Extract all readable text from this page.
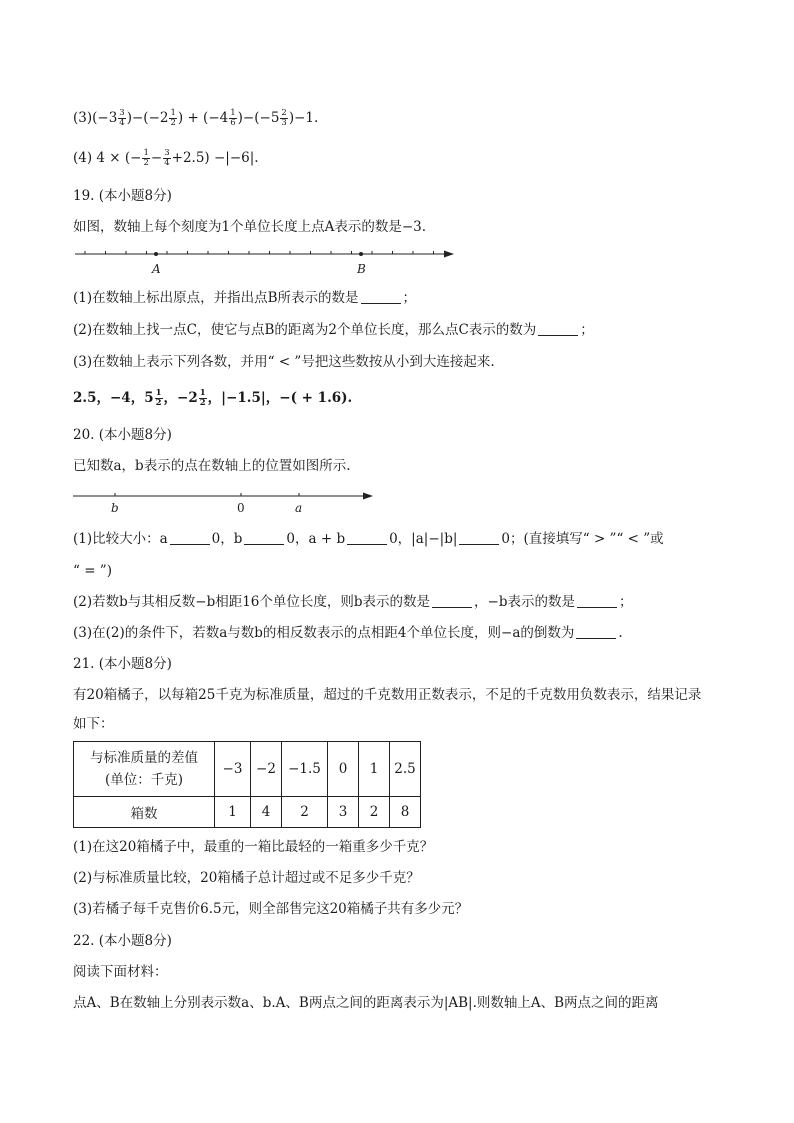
$(3)(-3 \frac{3}{4} )-(-2 \frac{1}{2}$ ) + $(-4 \frac{1}{6} )-(-5 \frac{2}{3} )-1$.
(4) 4 × (− $\frac{1}{2} - \frac{3}{4} +2.5) -|-6|$.
19. (本小题8分)
如图，数轴上每个刻度为1个单位长度上点A表示的数是−3.
A	B
(1)在数轴上标出原点，并指出点B所表示的数是	；
(2)在数轴上找一点C，使它与点B的距离为2个单位长度，那么点C表示的数为	；
(3)在数轴上表示下列各数，并用“ < ”号把这些数按从小到大连接起来.
2.5，−4，$5 \frac{1}{2}$ ，$-2 \frac{1}{2}$ ，|−1.5|，−( + 1.6).
20. (本小题8分)
已知数a，b表示的点在数轴上的位置如图所示.
b	0	a
(1)比较大小：a	0，b	0，a + b	0，|a|−|b|	0；(直接填写“ > ”“ < ”或
“ = ”)
(2)若数b与其相反数−b相距16个单位长度，则b表示的数是	，−b表示的数是	；
(3)在(2)的条件下，若数a与数b的相反数表示的点相距4个单位长度，则−a的倒数为	.
21. (本小题8分)
有20箱橘子，以每箱25千克为标准质量，超过的千克数用正数表示，不足的千克数用负数表示，结果记录
如下：
与标准质量的差值
(单位：千克)	−3	−2	−1.5	0	1	2.5
箱数	1	4	2	3	2	8
(1)在这20箱橘子中，最重的一箱比最轻的一箱重多少千克？
(2)与标准质量比较，20箱橘子总计超过或不足多少千克？
(3)若橘子每千克售价6.5元，则全部售完这20箱橘子共有多少元？
22. (本小题8分)
阅读下面材料：
点A、B在数轴上分别表示数a、b.A、B两点之间的距离表示为|AB|.则数轴上A、B两点之间的距离
